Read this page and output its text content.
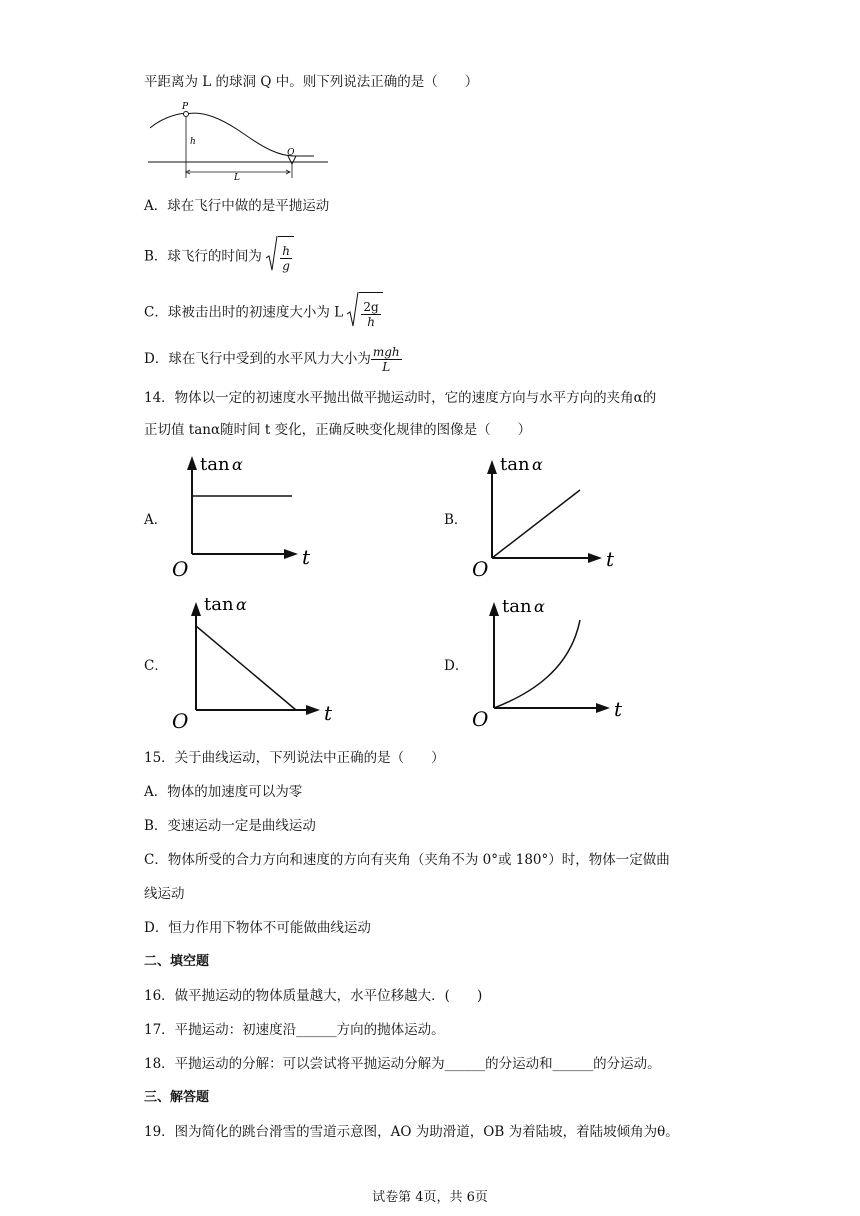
平距离为 L 的球洞 Q 中。则下列说法正确的是（　　）
P
h
Q
L
A．球在飞行中做的是平抛运动
B．球飞行的时间为 $\frac{h}{g}$
C．球被击出时的初速度大小为 L $\frac{2g}{h}$
D．球在飞行中受到的水平风力大小为 $\frac{\text{mgh}}{L}$
14．物体以一定的初速度水平抛出做平抛运动时，它的速度方向与水平方向的夹角α的
正切值 tanα随时间 t 变化，正确反映变化规律的图像是（　　）
A．	B．
C．	D．
tan α
t
O
tan α
t
O
tan α
t
O
tan α
t
O
15．关于曲线运动，下列说法中正确的是（　　）
A．物体的加速度可以为零
B．变速运动一定是曲线运动
C．物体所受的合力方向和速度的方向有夹角（夹角不为 0°或 180°）时，物体一定做曲
线运动
D．恒力作用下物体不可能做曲线运动
二、填空题
16．做平抛运动的物体质量越大，水平位移越大．(　　)
17．平抛运动：初速度沿______方向的抛体运动。
18．平抛运动的分解：可以尝试将平抛运动分解为______的分运动和______的分运动。
三、解答题
19．图为简化的跳台滑雪的雪道示意图，AO 为助滑道，OB 为着陆坡，着陆坡倾角为θ。
试卷第 4页，共 6页
